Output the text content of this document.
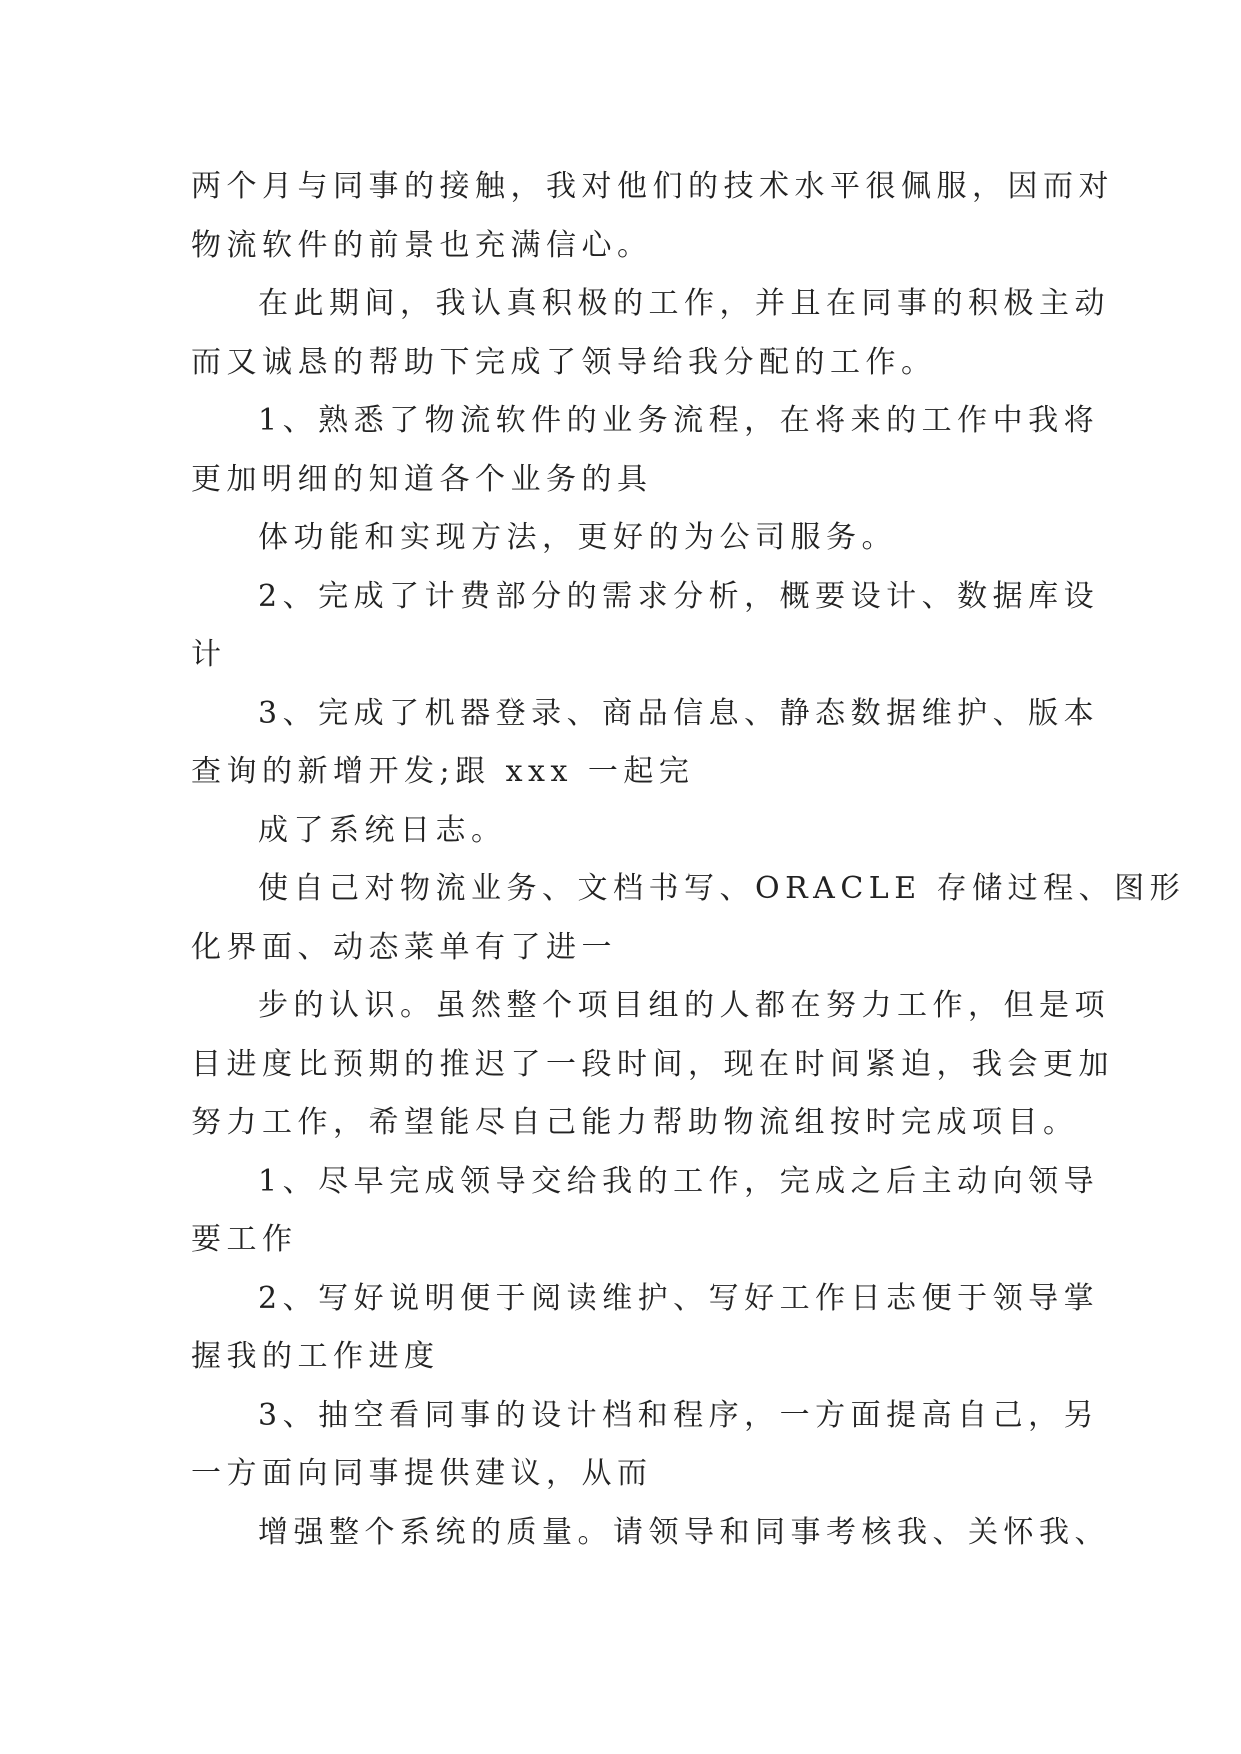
两个月与同事的接触，我对他们的技术水平很佩服，因而对
物流软件的前景也充满信心。
在此期间，我认真积极的工作，并且在同事的积极主动
而又诚恳的帮助下完成了领导给我分配的工作。
1、熟悉了物流软件的业务流程，在将来的工作中我将
更加明细的知道各个业务的具
体功能和实现方法，更好的为公司服务。
2、完成了计费部分的需求分析，概要设计、数据库设
计
3、完成了机器登录、商品信息、静态数据维护、版本
查询的新增开发;跟 xxx 一起完
成了系统日志。
使自己对物流业务、文档书写、ORACLE 存储过程、图形
化界面、动态菜单有了进一
步的认识。虽然整个项目组的人都在努力工作，但是项
目进度比预期的推迟了一段时间，现在时间紧迫，我会更加
努力工作，希望能尽自己能力帮助物流组按时完成项目。
1、尽早完成领导交给我的工作，完成之后主动向领导
要工作
2、写好说明便于阅读维护、写好工作日志便于领导掌
握我的工作进度
3、抽空看同事的设计档和程序，一方面提高自己，另
一方面向同事提供建议，从而
增强整个系统的质量。请领导和同事考核我、关怀我、
